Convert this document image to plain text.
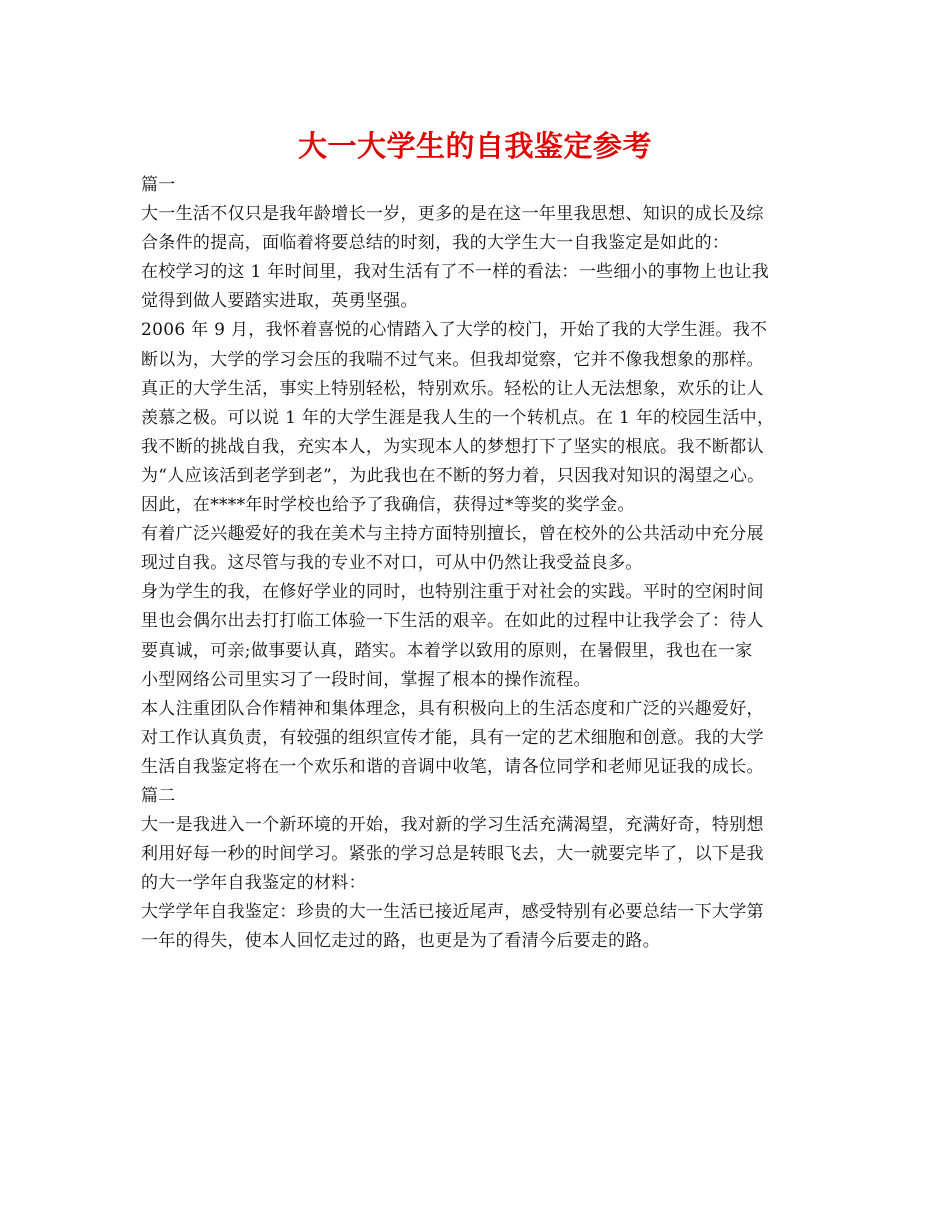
大一大学生的自我鉴定参考

篇一

大一生活不仅只是我年龄增长一岁，更多的是在这一年里我思想、知识的成长及综

合条件的提高，面临着将要总结的时刻，我的大学生大一自我鉴定是如此的：

在校学习的这 1 年时间里，我对生活有了不一样的看法：一些细小的事物上也让我

觉得到做人要踏实进取，英勇坚强。

2006 年 9 月，我怀着喜悦的心情踏入了大学的校门，开始了我的大学生涯。我不

断以为，大学的学习会压的我喘不过气来。但我却觉察，它并不像我想象的那样。

真正的大学生活，事实上特别轻松，特别欢乐。轻松的让人无法想象，欢乐的让人

羡慕之极。可以说 1 年的大学生涯是我人生的一个转机点。在 1 年的校园生活中，

我不断的挑战自我，充实本人，为实现本人的梦想打下了坚实的根底。我不断都认

为“人应该活到老学到老”，为此我也在不断的努力着，只因我对知识的渴望之心。

因此，在****年时学校也给予了我确信，获得过*等奖的奖学金。

有着广泛兴趣爱好的我在美术与主持方面特别擅长，曾在校外的公共活动中充分展

现过自我。这尽管与我的专业不对口，可从中仍然让我受益良多。

身为学生的我，在修好学业的同时，也特别注重于对社会的实践。平时的空闲时间

里也会偶尔出去打打临工体验一下生活的艰辛。在如此的过程中让我学会了：待人

要真诚，可亲;做事要认真，踏实。本着学以致用的原则，在暑假里，我也在一家

小型网络公司里实习了一段时间，掌握了根本的操作流程。

本人注重团队合作精神和集体理念，具有积极向上的生活态度和广泛的兴趣爱好，

对工作认真负责，有较强的组织宣传才能，具有一定的艺术细胞和创意。我的大学

生活自我鉴定将在一个欢乐和谐的音调中收笔，请各位同学和老师见证我的成长。

篇二

大一是我进入一个新环境的开始，我对新的学习生活充满渴望，充满好奇，特别想

利用好每一秒的时间学习。紧张的学习总是转眼飞去，大一就要完毕了，以下是我

的大一学年自我鉴定的材料：

大学学年自我鉴定：珍贵的大一生活已接近尾声，感受特别有必要总结一下大学第

一年的得失，使本人回忆走过的路，也更是为了看清今后要走的路。
